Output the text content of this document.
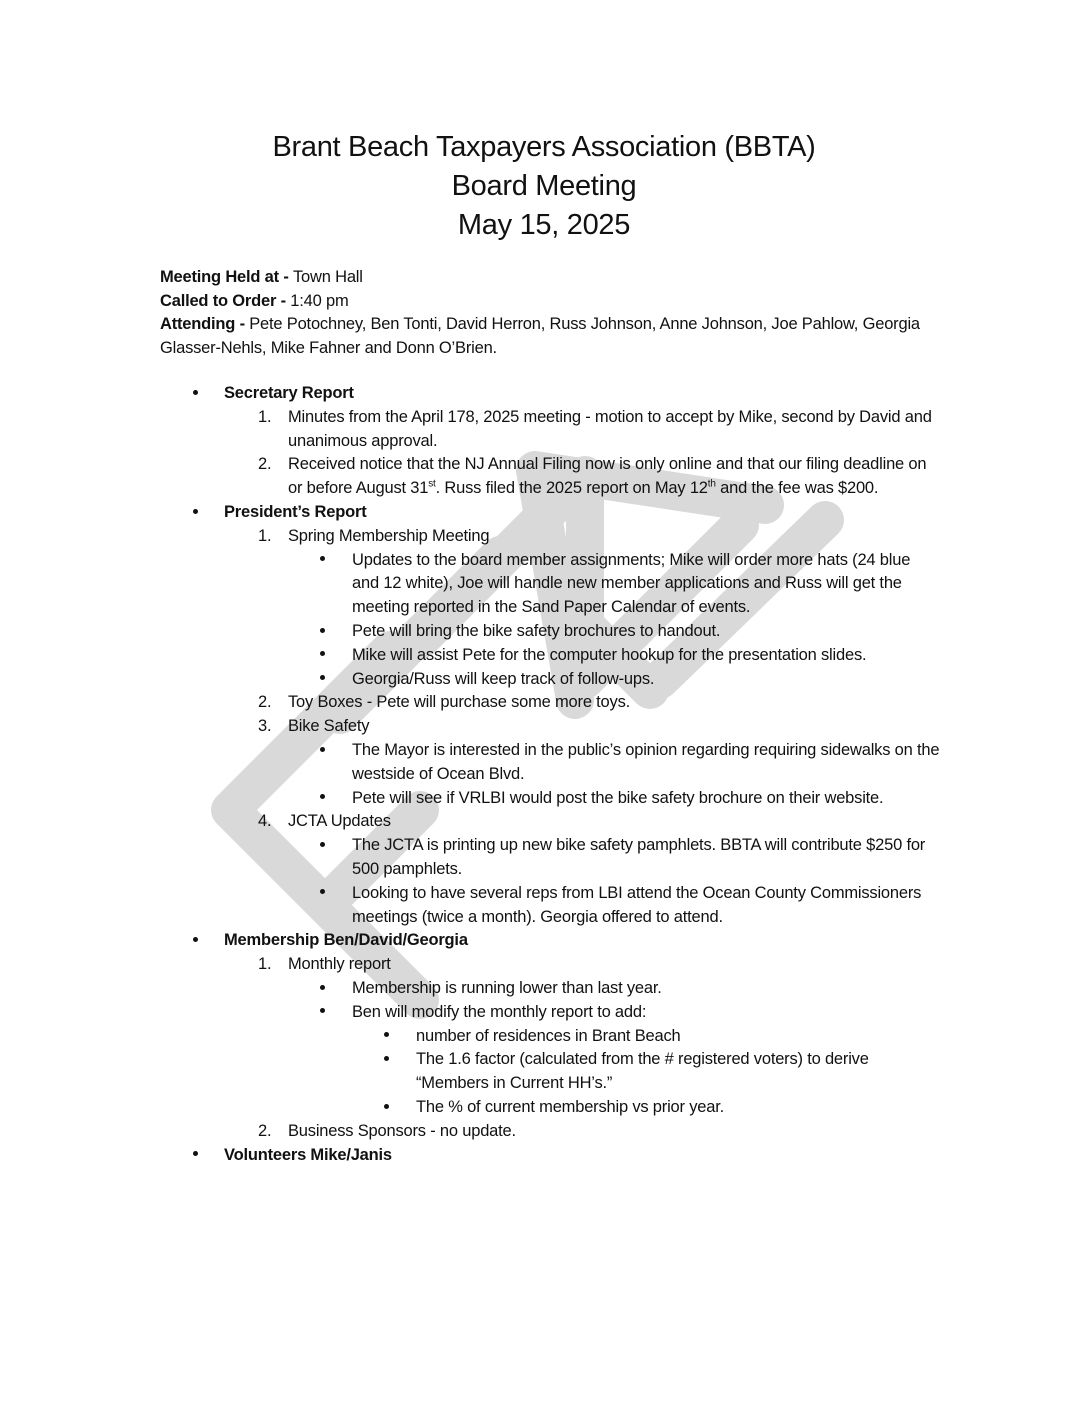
Brant Beach Taxpayers Association (BBTA)
Board Meeting
May 15, 2025
Meeting Held at - Town Hall
Called to Order - 1:40 pm
Attending - Pete Potochney, Ben Tonti, David Herron, Russ Johnson, Anne Johnson, Joe Pahlow, Georgia Glasser-Nehls, Mike Fahner and Donn O’Brien.
Secretary Report
1. Minutes from the April 178, 2025 meeting - motion to accept by Mike, second by David and unanimous approval.
2. Received notice that the NJ Annual Filing now is only online and that our filing deadline on or before August 31st. Russ filed the 2025 report on May 12th and the fee was $200.
President’s Report
1. Spring Membership Meeting
Updates to the board member assignments; Mike will order more hats (24 blue and 12 white), Joe will handle new member applications and Russ will get the meeting reported in the Sand Paper Calendar of events.
Pete will bring the bike safety brochures to handout.
Mike will assist Pete for the computer hookup for the presentation slides.
Georgia/Russ will keep track of follow-ups.
2. Toy Boxes - Pete will purchase some more toys.
3. Bike Safety
The Mayor is interested in the public’s opinion regarding requiring sidewalks on the westside of Ocean Blvd.
Pete will see if VRLBI would post the bike safety brochure on their website.
4. JCTA Updates
The JCTA is printing up new bike safety pamphlets. BBTA will contribute $250 for 500 pamphlets.
Looking to have several reps from LBI attend the Ocean County Commissioners meetings (twice a month). Georgia offered to attend.
Membership Ben/David/Georgia
1. Monthly report
Membership is running lower than last year.
Ben will modify the monthly report to add:
number of residences in Brant Beach
The 1.6 factor (calculated from the # registered voters) to derive “Members in Current HH’s.”
The % of current membership vs prior year.
2. Business Sponsors - no update.
Volunteers Mike/Janis
